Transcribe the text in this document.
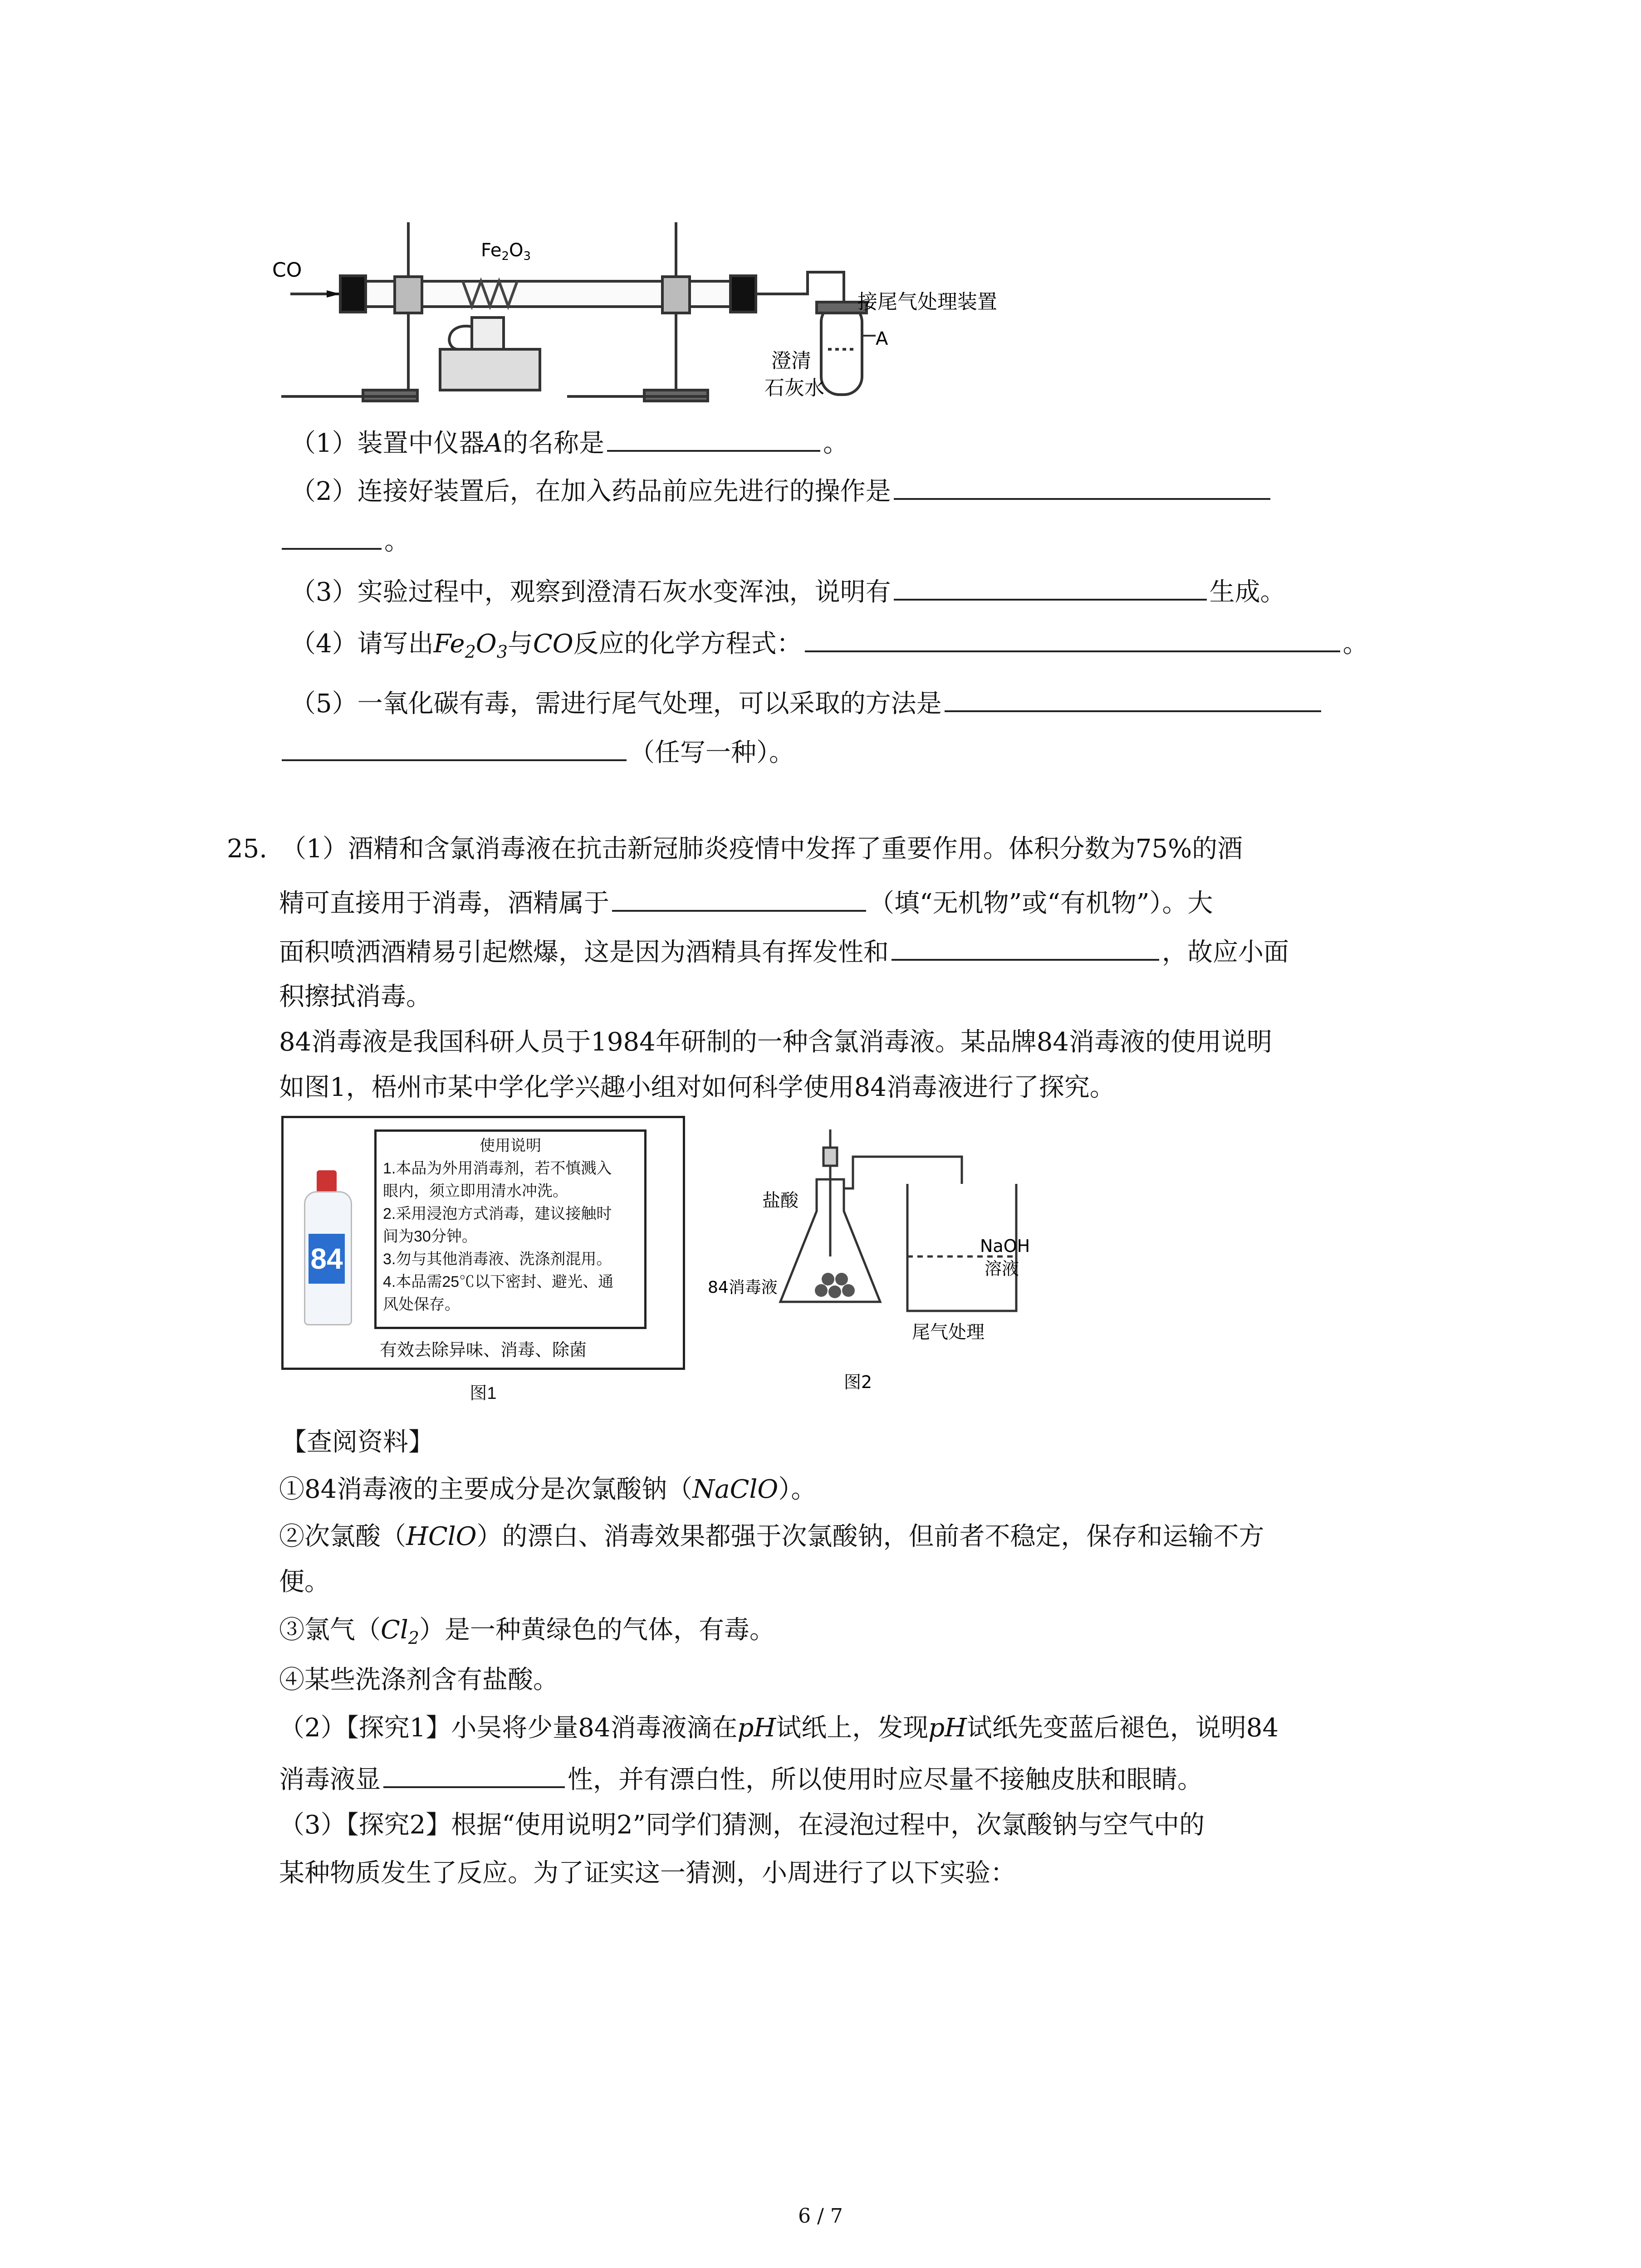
CO
$Fe_2O_3$
接尾气处理装置
A
澄清
石灰水
（1）装置中仪器A的名称是	。
（2）连接好装置后，在加入药品前应先进行的操作是
。
（3）实验过程中，观察到澄清石灰水变浑浊，说明有	生成。
（4）请写出$Fe_2O_3$与CO反应的化学方程式：	。
（5）一氧化碳有毒，需进行尾气处理，可以采取的方法是
（任写一种）。
25. （1）酒精和含氯消毒液在抗击新冠肺炎疫情中发挥了重要作用。体积分数为75%的酒
精可直接用于消毒，酒精属于	（填“无机物”或“有机物”）。大
面积喷洒酒精易引起燃爆，这是因为酒精具有挥发性和	，故应小面
积擦拭消毒。
84消毒液是我国科研人员于1984年研制的一种含氯消毒液。某品牌84消毒液的使用说明
如图1，梧州市某中学化学兴趣小组对如何科学使用84消毒液进行了探究。
84
使用说明
1.本品为外用消毒剂，若不慎溅入
眼内，须立即用清水冲洗。
2.采用浸泡方式消毒，建议接触时
间为30分钟。
3.勿与其他消毒液、洗涤剂混用。
4.本品需25℃以下密封、避光、通
风处保存。
有效去除异味、消毒、除菌
图1
盐酸
84消毒液
NaOH
溶液
尾气处理
图2
【查阅资料】
①84消毒液的主要成分是次氯酸钠（NaClO）。
②次氯酸（HClO）的漂白、消毒效果都强于次氯酸钠，但前者不稳定，保存和运输不方
便。
③氯气$(Cl_2)$是一种黄绿色的气体，有毒。
④某些洗涤剂含有盐酸。
（2）【探究1】小吴将少量84消毒液滴在pH试纸上，发现pH试纸先变蓝后褪色，说明84
消毒液显	性，并有漂白性，所以使用时应尽量不接触皮肤和眼睛。
（3）【探究2】根据“使用说明2”同学们猜测，在浸泡过程中，次氯酸钠与空气中的
某种物质发生了反应。为了证实这一猜测，小周进行了以下实验：
6 / 7
